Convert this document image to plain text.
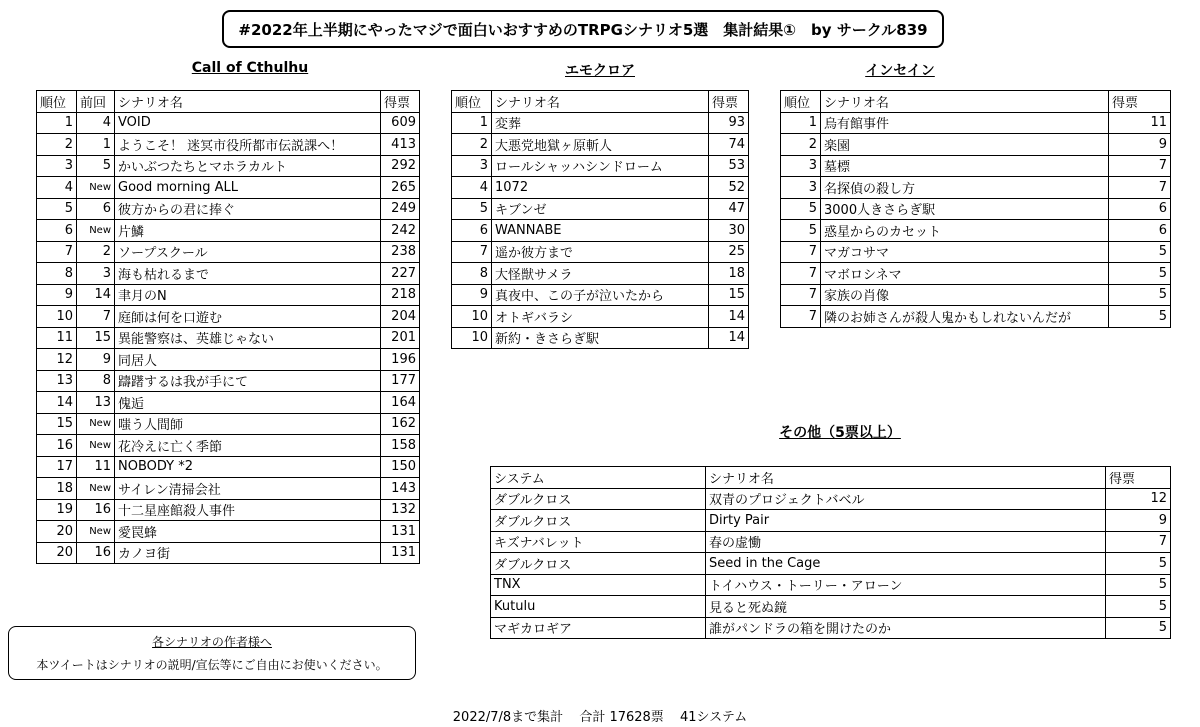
#2022年上半期にやったマジで面白いおすすめのTRPGシナリオ5選　集計結果①　by サークル839
Call of Cthulhu
順位	前回	シナリオ名	得票
1	4	VOID	609
2	1	ようこそ！ 迷冥市役所都市伝説課へ！	413
3	5	かいぶつたちとマホラカルト	292
4	New	Good morning ALL	265
5	6	彼方からの君に捧ぐ	249
6	New	片鱗	242
7	2	ソープスクール	238
8	3	海も枯れるまで	227
9	14	聿月のN	218
10	7	庭師は何を口遊む	204
11	15	異能警察は、英雄じゃない	201
12	9	同居人	196
13	8	躊躇するは我が手にて	177
14	13	傀逅	164
15	New	嗤う人間師	162
16	New	花冷えに亡く季節	158
17	11	NOBODY *2	150
18	New	サイレン清掃会社	143
19	16	十二星座館殺人事件	132
20	New	愛罠蜂	131
20	16	カノヨ街	131
エモクロア
順位	シナリオ名	得票
1	変葬	93
2	大悪党地獄ヶ原斬人	74
3	ロールシャッハシンドローム	53
4	1072	52
5	キブンゼ	47
6	WANNABE	30
7	遥か彼方まで	25
8	大怪獣サメラ	18
9	真夜中、この子が泣いたから	15
10	オトギバラシ	14
10	新約・きさらぎ駅	14
インセイン
順位	シナリオ名	得票
1	烏有館事件	11
2	楽園	9
3	墓標	7
3	名探偵の殺し方	7
5	3000人きさらぎ駅	6
5	惑星からのカセット	6
7	マガコサマ	5
7	マボロシネマ	5
7	家族の肖像	5
7	隣のお姉さんが殺人鬼かもしれないんだが	5
その他（5票以上）
システム	シナリオ名	得票
ダブルクロス	双青のプロジェクトバベル	12
ダブルクロス	Dirty Pair	9
キズナバレット	春の虚慟	7
ダブルクロス	Seed in the Cage	5
TNX	トイハウス・トーリー・アローン	5
Kutulu	見ると死ぬ鏡	5
マギカロギア	誰がパンドラの箱を開けたのか	5
各シナリオの作者様へ
本ツイートはシナリオの説明/宣伝等にご自由にお使いください。
2022/7/8まで集計 合計 17628票 41システム
